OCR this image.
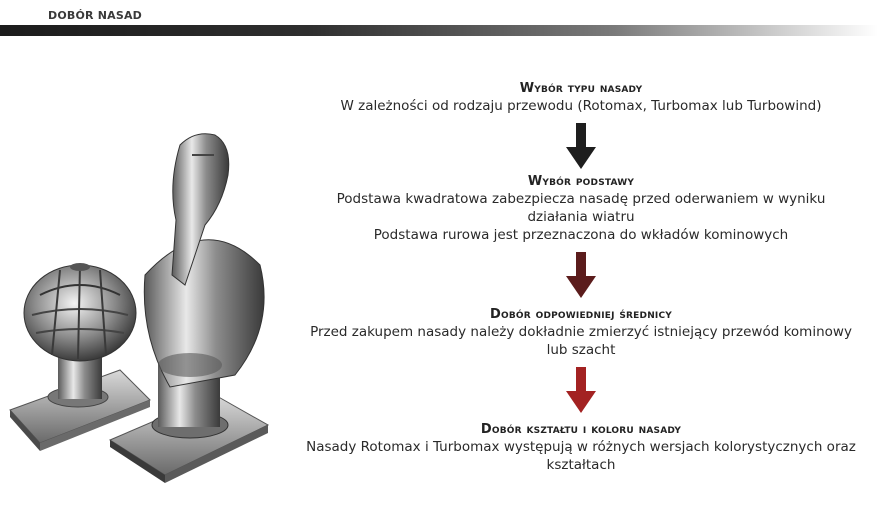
DOBÓR NASAD
Wybór typu nasady
W zależności od rodzaju przewodu (Rotomax, Turbomax lub Turbowind)
Wybór podstawy
Podstawa kwadratowa zabezpiecza nasadę przed oderwaniem w wyniku
działania wiatru
Podstawa rurowa jest przeznaczona do wkładów kominowych
Dobór odpowiedniej średnicy
Przed zakupem nasady należy dokładnie zmierzyć istniejący przewód kominowy
lub szacht
Dobór kształtu i koloru nasady
Nasady Rotomax i Turbomax występują w różnych wersjach kolorystycznych oraz
kształtach
